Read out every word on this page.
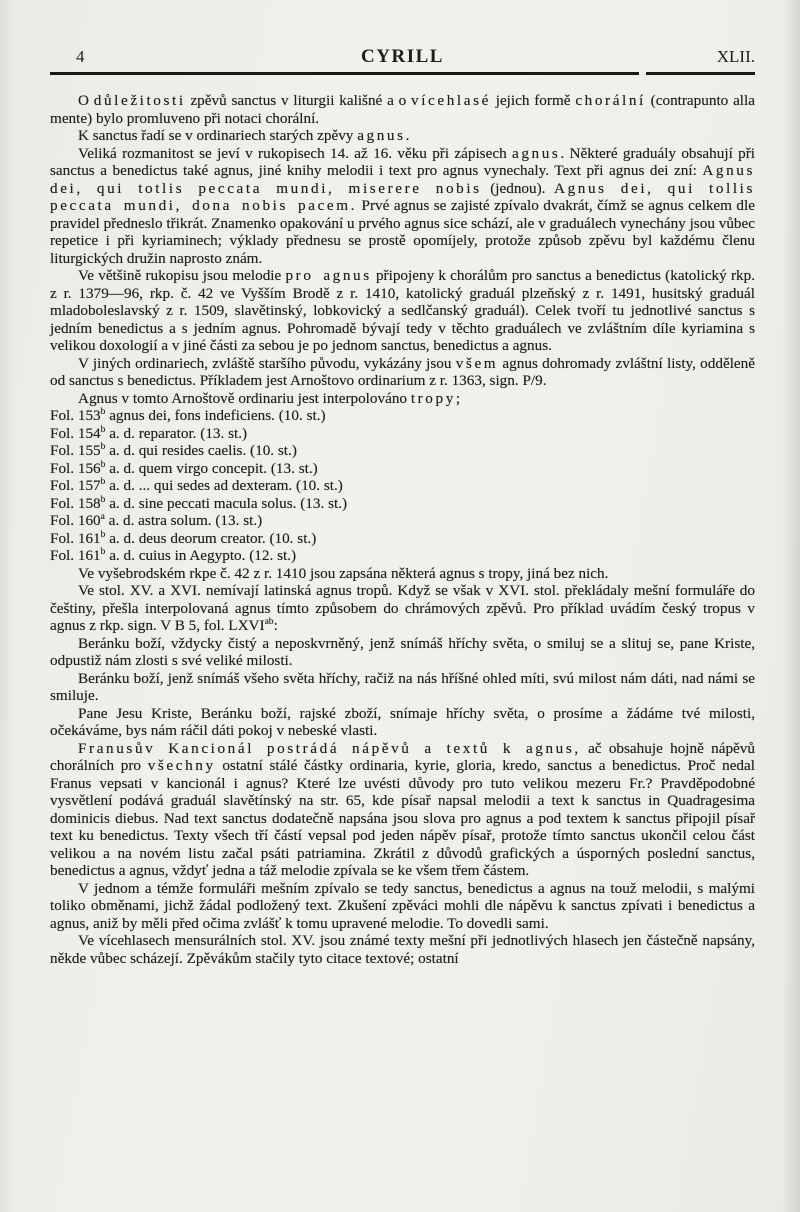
4	CYRILL	XLII.

O důležitosti zpěvů sanctus v liturgii kališné a o vícehlasé jejich formě chorální (contrapunto alla mente) bylo promluveno při notaci chorální.

K sanctus řadí se v ordinariech starých zpěvy agnus.

Veliká rozmanitost se jeví v rukopisech 14. až 16. věku při zápisech agnus. Některé graduály obsahují při sanctus a benedictus také agnus, jiné knihy melodii i text pro agnus vynechaly. Text při agnus dei zní: Agnus dei, qui totlis peccata mundi, miserere nobis (jednou). Agnus dei, qui tollis peccata mundi, dona nobis pacem. Prvé agnus se zajisté zpívalo dvakrát, čímž se agnus celkem dle pravidel předneslo třikrát. Znamenko opakování u prvého agnus sice schází, ale v graduálech vynechány jsou vůbec repetice i při kyriaminech; výklady přednesu se prostě opomíjely, protože způsob zpěvu byl každému členu liturgických družin naprosto znám.

Ve většině rukopisu jsou melodie pro agnus připojeny k chorálům pro sanctus a benedictus (katolický rkp. z r. 1379—96, rkp. č. 42 ve Vyšším Brodě z r. 1410, katolický graduál plzeňský z r. 1491, husitský graduál mladoboleslavský z r. 1509, slavětinský, lobkovický a sedlčanský graduál). Celek tvoří tu jednotlivé sanctus s jedním benedictus a s jedním agnus. Pohromadě bývají tedy v těchto graduálech ve zvláštním díle kyriamina s velikou doxologií a v jiné části za sebou je po jednom sanctus, benedictus a agnus.

V jiných ordinariech, zvláště staršího původu, vykázány jsou všem agnus dohromady zvláštní listy, odděleně od sanctus s benedictus. Příkladem jest Arnoštovo ordinarium z r. 1363, sign. P/9.

Agnus v tomto Arnoštově ordinariu jest interpolováno tropy;

Fol. 153$^b$ agnus dei, fons indeficiens. (10. st.)

Fol. 154$^b$ a. d. reparator. (13. st.)

Fol. 155$^b$ a. d. qui resides caelis. (10. st.)

Fol. 156$^b$ a. d. quem virgo concepit. (13. st.)

Fol. 157$^b$ a. d. ... qui sedes ad dexteram. (10. st.)

Fol. 158$^b$ a. d. sine peccati macula solus. (13. st.)

Fol. 160$^a$ a. d. astra solum. (13. st.)

Fol. 161$^b$ a. d. deus deorum creator. (10. st.)

Fol. 161$^b$ a. d. cuius in Aegypto. (12. st.)

Ve vyšebrodském rkpe č. 42 z r. 1410 jsou zapsána některá agnus s tropy, jiná bez nich.

Ve stol. XV. a XVI. nemívají latinská agnus tropů. Když se však v XVI. stol. překládaly mešní formuláře do češtiny, přešla interpolovaná agnus tímto způsobem do chrámových zpěvů. Pro příklad uvádím český tropus v agnus z rkp. sign. V B 5, fol. $LXVI^{ab}$:

Beránku boží, vždycky čistý a neposkvrněný, jenž snímáš hříchy světa, o smiluj se a slituj se, pane Kriste, odpustiž nám zlosti s své veliké milosti.

Beránku boží, jenž snímáš všeho světa hříchy, račiž na nás hříšné ohled míti, svú milost nám dáti, nad námi se smiluje.

Pane Jesu Kriste, Beránku boží, rajské zboží, snímaje hříchy světa, o prosíme a žádáme tvé milosti, očekáváme, bys nám ráčil dáti pokoj v nebeské vlasti.

Franusův Kancionál postrádá nápěvů a textů k agnus, ač obsahuje hojně nápěvů chorálních pro všechny ostatní stálé částky ordinaria, kyrie, gloria, kredo, sanctus a benedictus. Proč nedal Franus vepsati v kancionál i agnus? Které lze uvésti důvody pro tuto velikou mezeru Fr.? Pravděpodobné vysvětlení podává graduál slavětínský na str. 65, kde písař napsal melodii a text k sanctus in Quadragesima dominicis diebus. Nad text sanctus dodatečně napsána jsou slova pro agnus a pod textem k sanctus připojil písař text ku benedictus. Texty všech tří částí vepsal pod jeden nápěv písař, protože tímto sanctus ukončil celou část velikou a na novém listu začal psáti patriamina. Zkrátil z důvodů grafických a úsporných poslední sanctus, benedictus a agnus, vždyť jedna a táž melodie zpívala se ke všem třem částem.

V jednom a témže formuláři mešním zpívalo se tedy sanctus, benedictus a agnus na touž melodii, s malými toliko obměnami, jichž žádal podložený text. Zkušení zpěváci mohli dle nápěvu k sanctus zpívati i benedictus a agnus, aniž by měli před očima zvlášť k tomu upravené melodie. To dovedli sami.

Ve vícehlasech mensurálních stol. XV. jsou známé texty mešní při jednotlivých hlasech jen částečně napsány, někde vůbec scházejí. Zpěvákům stačily tyto citace textové; ostatní
